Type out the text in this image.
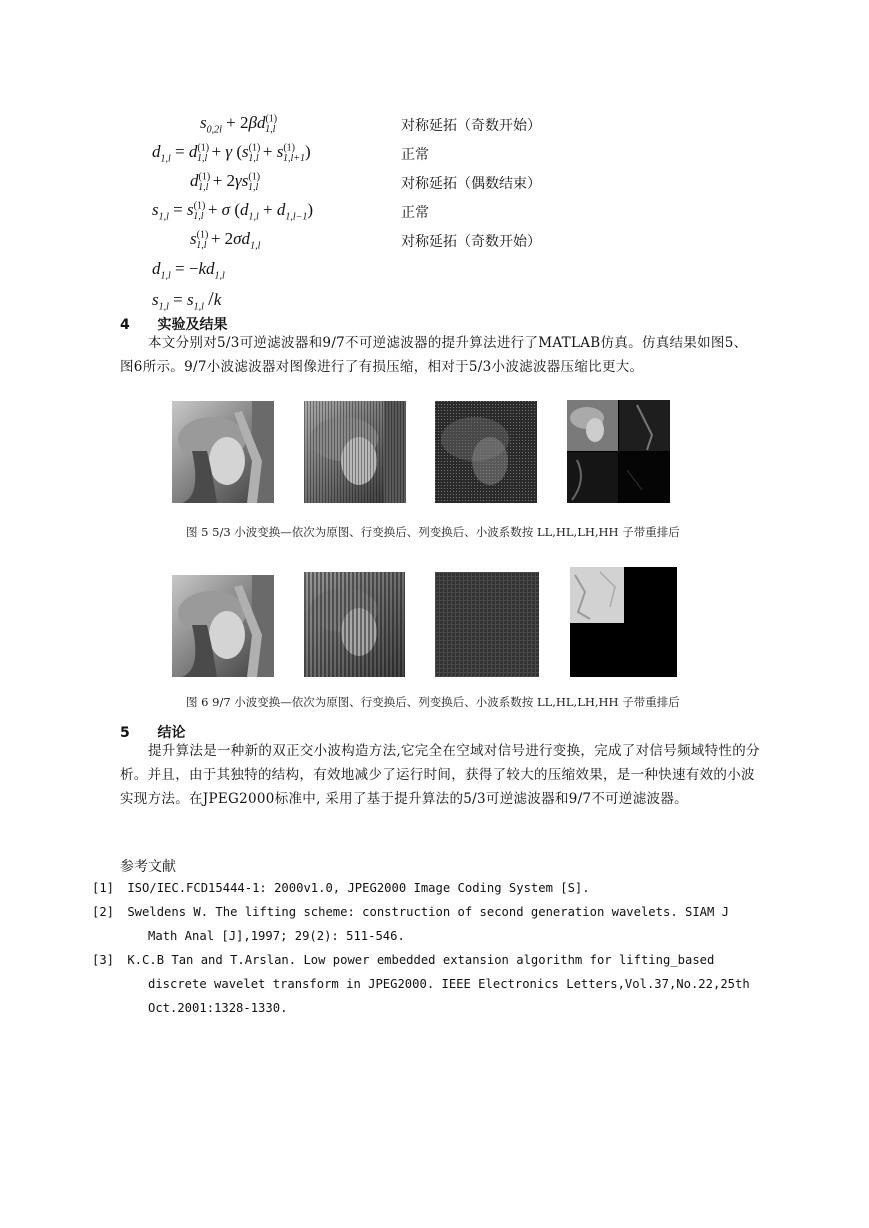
$s_{0,2l} + 2\beta d^{(1)}_{1,l}$	对称延拓（奇数开始）
$d_{1,l} = d^{(1)}_{1,l} + \gamma$ $(s^{(1)}_{1,l} + s^{(1)}_{1,l+1})$	正常
$d^{(1)}_{1,l} + 2\gamma s^{(1)}_{1,l}$	对称延拓（偶数结束）
$s_{1,l} = s^{(1)}_{1,l} + \sigma$ $(d_{1,l} + d_{1,l-1})$	正常
$s^{(1)}_{1,l} + 2\sigma d_{1,l}$	对称延拓（奇数开始）
$d_{1,l} = -kd_{1,l}$
$s_{1,l} = s_{1,l}$ /k
4 实验及结果
本文分别对5/3可逆滤波器和9/7不可逆滤波器的提升算法进行了MATLAB仿真。仿真结果如图5、图6所示。9/7小波滤波器对图像进行了有损压缩，相对于5/3小波滤波器压缩比更大。
图 5 5/3 小波变换—依次为原图、行变换后、列变换后、小波系数按 LL,HL,LH,HH 子带重排后
图 6 9/7 小波变换—依次为原图、行变换后、列变换后、小波系数按 LL,HL,LH,HH 子带重排后
5 结论
提升算法是一种新的双正交小波构造方法,它完全在空域对信号进行变换，完成了对信号频域特性的分析。并且，由于其独特的结构，有效地减少了运行时间，获得了较大的压缩效果，是一种快速有效的小波实现方法。在JPEG2000标准中, 采用了基于提升算法的5/3可逆滤波器和9/7不可逆滤波器。
参考文献
[1] ISO/IEC.FCD15444-1: 2000v1.0, JPEG2000 Image Coding System [S].
[2] Sweldens W. The lifting scheme: construction of second generation wavelets. SIAM J Math Anal [J],1997; 29(2): 511-546.
[3] K.C.B Tan and T.Arslan. Low power embedded extansion algorithm for lifting_based discrete wavelet transform in JPEG2000. IEEE Electronics Letters,Vol.37,No.22,25th Oct.2001:1328-1330.
